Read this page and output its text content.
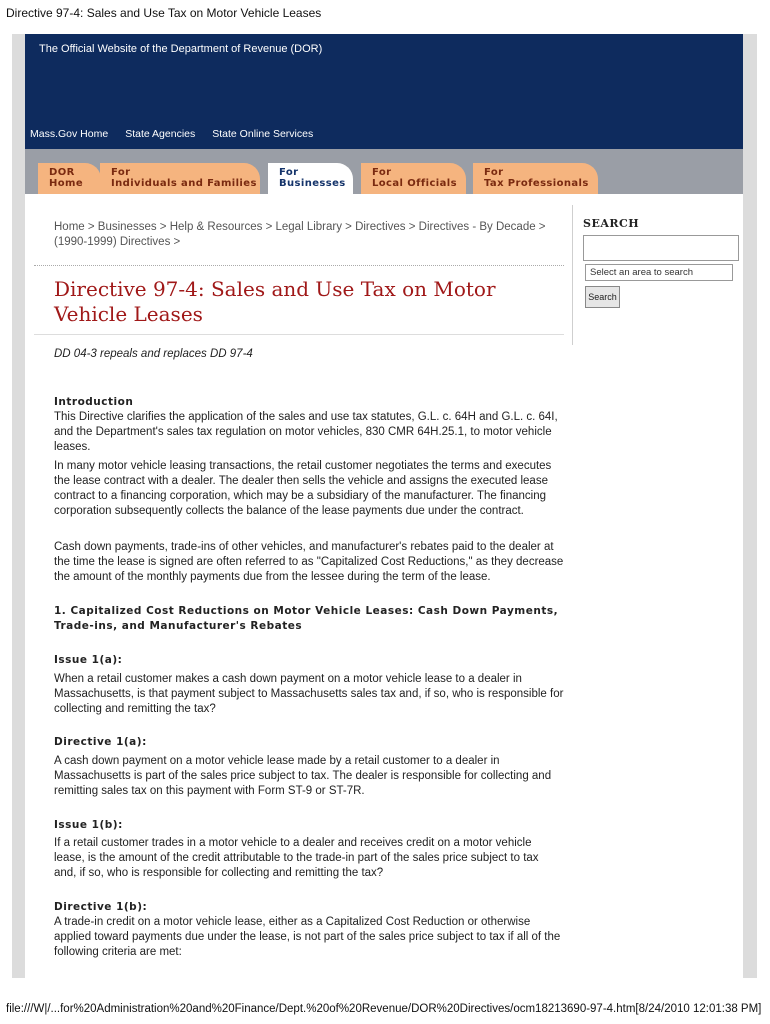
Directive 97-4: Sales and Use Tax on Motor Vehicle Leases
The Official Website of the Department of Revenue (DOR)
Mass.Gov Home State Agencies State Online Services
DOR
Home
For
Individuals and Families
For
Businesses
For
Local Officials
For
Tax Professionals
Home > Businesses > Help & Resources > Legal Library > Directives > Directives - By Decade > (1990-1999) Directives >
Directive 97-4: Sales and Use Tax on Motor Vehicle Leases
SEARCH
Select an area to search
Search
DD 04-3 repeals and replaces DD 97-4
Introduction
This Directive clarifies the application of the sales and use tax statutes, G.L. c. 64H and G.L. c. 64I, and the Department's sales tax regulation on motor vehicles, 830 CMR 64H.25.1, to motor vehicle leases.
In many motor vehicle leasing transactions, the retail customer negotiates the terms and executes the lease contract with a dealer. The dealer then sells the vehicle and assigns the executed lease contract to a financing corporation, which may be a subsidiary of the manufacturer. The financing corporation subsequently collects the balance of the lease payments due under the contract.
Cash down payments, trade-ins of other vehicles, and manufacturer's rebates paid to the dealer at the time the lease is signed are often referred to as "Capitalized Cost Reductions," as they decrease the amount of the monthly payments due from the lessee during the term of the lease.
1. Capitalized Cost Reductions on Motor Vehicle Leases: Cash Down Payments, Trade-ins, and Manufacturer's Rebates
Issue 1(a):
When a retail customer makes a cash down payment on a motor vehicle lease to a dealer in Massachusetts, is that payment subject to Massachusetts sales tax and, if so, who is responsible for collecting and remitting the tax?
Directive 1(a):
A cash down payment on a motor vehicle lease made by a retail customer to a dealer in Massachusetts is part of the sales price subject to tax. The dealer is responsible for collecting and remitting sales tax on this payment with Form ST-9 or ST-7R.
Issue 1(b):
If a retail customer trades in a motor vehicle to a dealer and receives credit on a motor vehicle lease, is the amount of the credit attributable to the trade-in part of the sales price subject to tax and, if so, who is responsible for collecting and remitting the tax?
Directive 1(b):
A trade-in credit on a motor vehicle lease, either as a Capitalized Cost Reduction or otherwise applied toward payments due under the lease, is not part of the sales price subject to tax if all of the following criteria are met:
file:///W|/...for%20Administration%20and%20Finance/Dept.%20of%20Revenue/DOR%20Directives/ocm18213690-97-4.htm[8/24/2010 12:01:38 PM]
